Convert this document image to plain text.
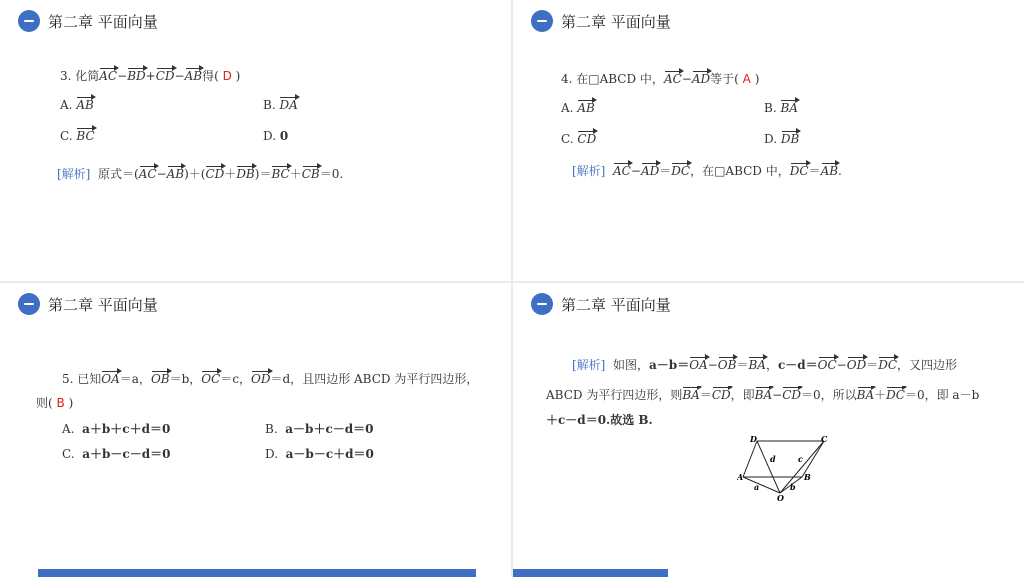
第二章 平面向量
3. 化简AC−BD+CD−AB得( D )
A. AB	B. DA
C. BC	D. 0
[解析] 原式＝(AC−AB)＋(CD＋DB)＝BC＋CB＝0.
第二章 平面向量
4. 在□ABCD 中，AC−AD等于( A )
A. AB	B. BA
C. CD	D. DB
[解析] AC−AD＝DC，在□ABCD 中，DC＝AB.
第二章 平面向量
5. 已知OA＝a，OB＝b，OC＝c，OD＝d，且四边形 ABCD 为平行四边形，
则( B )
A. a＋b＋c＋d＝0	B. a－b＋c－d＝0
C. a＋b－c－d＝0	D. a－b－c＋d＝0
第二章 平面向量
[解析] 如图，a－b＝OA−OB＝BA，c－d＝OC−OD＝DC，又四边形
ABCD 为平行四边形，则BA＝CD，即BA−CD＝0，所以BA＋DC＝0，即 a－b
＋c－d＝0.故选 B.
D	C
A	B
O
a	b
c
d
